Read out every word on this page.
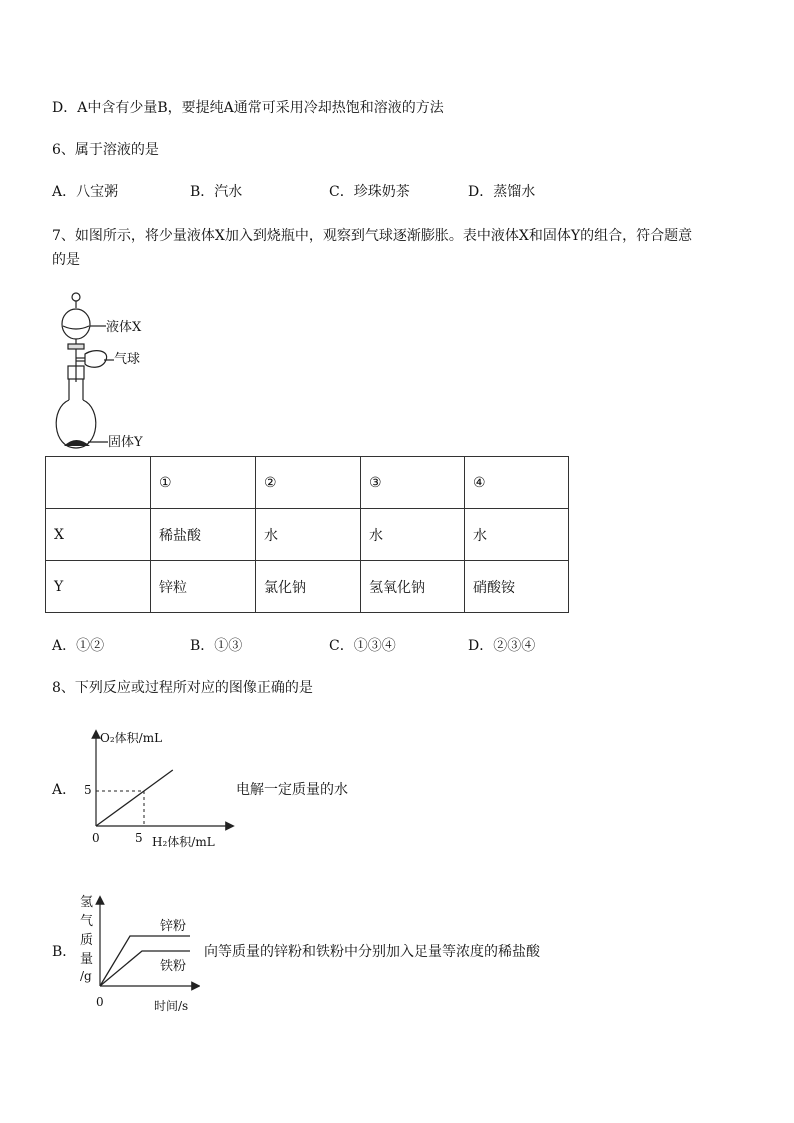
D．A中含有少量B，要提纯A通常可采用冷却热饱和溶液的方法
6、属于溶液的是
A．八宝粥	B．汽水	C．珍珠奶茶	D．蒸馏水
7、如图所示，将少量液体X加入到烧瓶中，观察到气球逐渐膨胀。表中液体X和固体Y的组合，符合题意
的是
液体X
气球
固体Y
	①	②	③	④
X	稀盐酸	水	水	水
Y	锌粒	氯化钠	氢氧化钠	硝酸铵
A．①②	B．①③	C．①③④	D．②③④
8、下列反应或过程所对应的图像正确的是
A．
O₂体积/mL
H₂体积/mL
0	5
5	电解一定质量的水
B．
氢
气
质
量
/g
锌粉
铁粉
0	时间/s
向等质量的锌粉和铁粉中分别加入足量等浓度的稀盐酸
